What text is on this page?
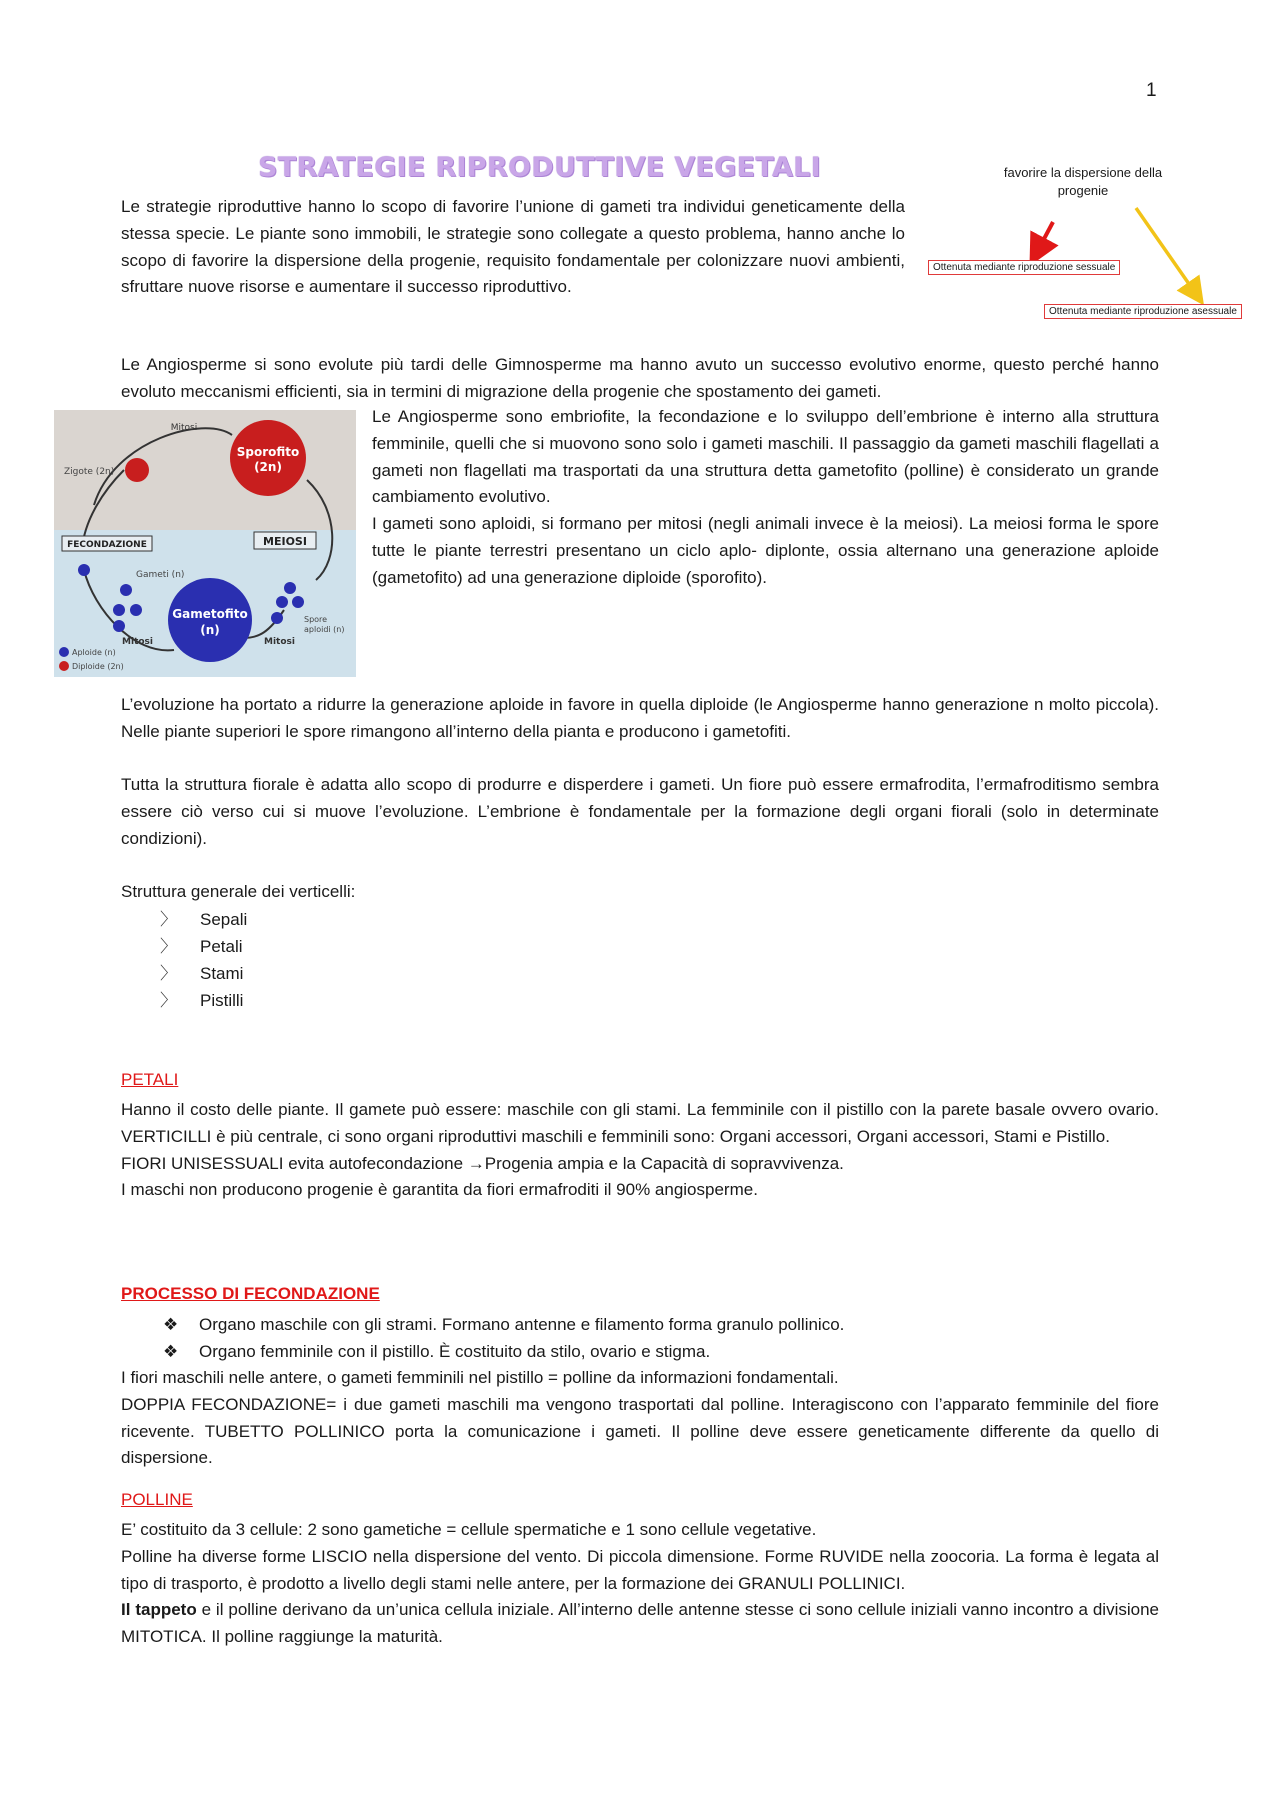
1
STRATEGIE RIPRODUTTIVE VEGETALI	favorire la dispersione della progenie
Ottenuta mediante riproduzione sessuale
Ottenuta mediante riproduzione asessuale

Le strategie riproduttive hanno lo scopo di favorire l’unione di gameti tra individui geneticamente della stessa specie. Le piante sono immobili, le strategie sono collegate a questo problema, hanno anche lo scopo di favorire la dispersione della progenie, requisito fondamentale per colonizzare nuovi ambienti, sfruttare nuove risorse e aumentare il successo riproduttivo.

Le Angiosperme si sono evolute più tardi delle Gimnosperme ma hanno avuto un successo evolutivo enorme, questo perché hanno evoluto meccanismi efficienti, sia in termini di migrazione della progenie che spostamento dei gameti.

Sporofito
(2n)
Mitosi
Zigote (2n)
FECONDAZIONE	MEIOSI
Gameti (n)
Spore
aploidi (n)
Gametofito
(n)
Mitosi	Mitosi
Aploide (n)
Diploide (2n)
Le Angiosperme sono embriofite, la fecondazione e lo sviluppo dell’embrione è interno alla struttura femminile, quelli che si muovono sono solo i gameti maschili. Il passaggio da gameti maschili flagellati a gameti non flagellati ma trasportati da una struttura detta gametofito (polline) è considerato un grande cambiamento evolutivo.
I gameti sono aploidi, si formano per mitosi (negli animali invece è la meiosi). La meiosi forma le spore tutte le piante terrestri presentano un ciclo aplo- diplonte, ossia alternano una generazione aploide (gametofito) ad una generazione diploide (sporofito).

L’evoluzione ha portato a ridurre la generazione aploide in favore in quella diploide (le Angiosperme hanno generazione n molto piccola). Nelle piante superiori le spore rimangono all’interno della pianta e producono i gametofiti.

Tutta la struttura fiorale è adatta allo scopo di produrre e disperdere i gameti. Un fiore può essere ermafrodita, l’ermafroditismo sembra essere ciò verso cui si muove l’evoluzione. L’embrione è fondamentale per la formazione degli organi fiorali (solo in determinate condizioni).
Struttura generale dei verticelli:
〉 Sepali
〉 Petali
〉 Stami
〉 Pistilli
PETALI
Hanno il costo delle piante. Il gamete può essere: maschile con gli stami. La femminile con il pistillo con la parete basale ovvero ovario. VERTICILLI è più centrale, ci sono organi riproduttivi maschili e femminili sono: Organi accessori, Organi accessori, Stami e Pistillo.
FIORI UNISESSUALI evita autofecondazione →Progenia ampia e la Capacità di sopravvivenza.
I maschi non producono progenie è garantita da fiori ermafroditi il 90% angiosperme.
PROCESSO DI FECONDAZIONE
❖ Organo maschile con gli strami. Formano antenne e filamento forma granulo pollinico.
❖ Organo femminile con il pistillo. È costituito da stilo, ovario e stigma.
I fiori maschili nelle antere, o gameti femminili nel pistillo = polline da informazioni fondamentali.
DOPPIA FECONDAZIONE= i due gameti maschili ma vengono trasportati dal polline. Interagiscono con l’apparato femminile del fiore ricevente. TUBETTO POLLINICO porta la comunicazione i gameti. Il polline deve essere geneticamente differente da quello di dispersione.
POLLINE
E’ costituito da 3 cellule: 2 sono gametiche = cellule spermatiche e 1 sono cellule vegetative.
Polline ha diverse forme LISCIO nella dispersione del vento. Di piccola dimensione. Forme RUVIDE nella zoocoria. La forma è legata al tipo di trasporto, è prodotto a livello degli stami nelle antere, per la formazione dei GRANULI POLLINICI.
Il tappeto e il polline derivano da un’unica cellula iniziale. All’interno delle antenne stesse ci sono cellule iniziali vanno incontro a divisione MITOTICA. Il polline raggiunge la maturità.
